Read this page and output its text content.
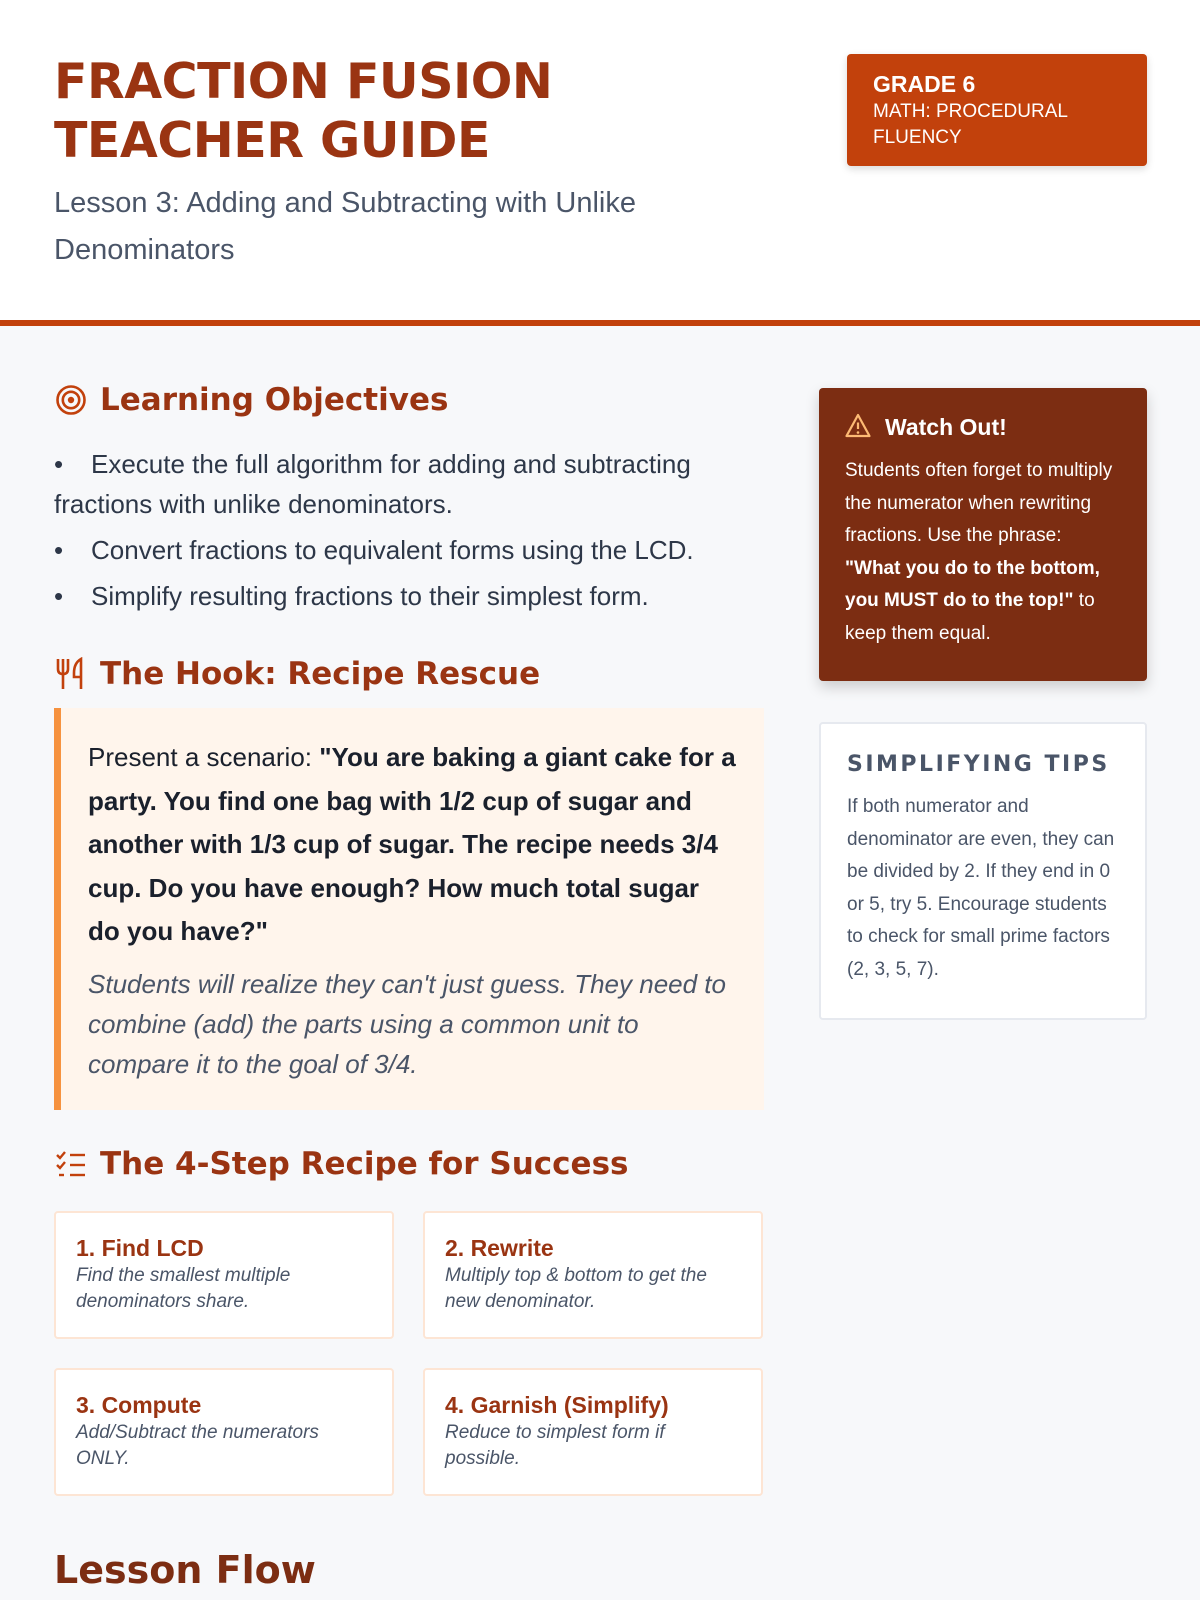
FRACTION FUSION TEACHER GUIDE

Lesson 3: Adding and Subtracting with Unlike Denominators

GRADE 6
MATH: PROCEDURAL FLUENCY
Learning Objectives
• Execute the full algorithm for adding and subtracting fractions with unlike denominators.
• Convert fractions to equivalent forms using the LCD.
• Simplify resulting fractions to their simplest form.
The Hook: Recipe Rescue

Present a scenario: "You are baking a giant cake for a party. You find one bag with 1/2 cup of sugar and another with 1/3 cup of sugar. The recipe needs 3/4 cup. Do you have enough? How much total sugar do you have?"

Students will realize they can't just guess. They need to combine (add) the parts using a common unit to compare it to the goal of 3/4.

The 4-Step Recipe for Success

1. Find LCD

Find the smallest multiple denominators share.

2. Rewrite

Multiply top & bottom to get the new denominator.

3. Compute

Add/Subtract the numerators ONLY.

4. Garnish (Simplify)

Reduce to simplest form if possible.

Lesson Flow
Watch Out!

Students often forget to multiply the numerator when rewriting fractions. Use the phrase: "What you do to the bottom, you MUST do to the top!" to keep them equal.

SIMPLIFYING TIPS

If both numerator and denominator are even, they can be divided by 2. If they end in 0 or 5, try 5. Encourage students to check for small prime factors (2, 3, 5, 7).
